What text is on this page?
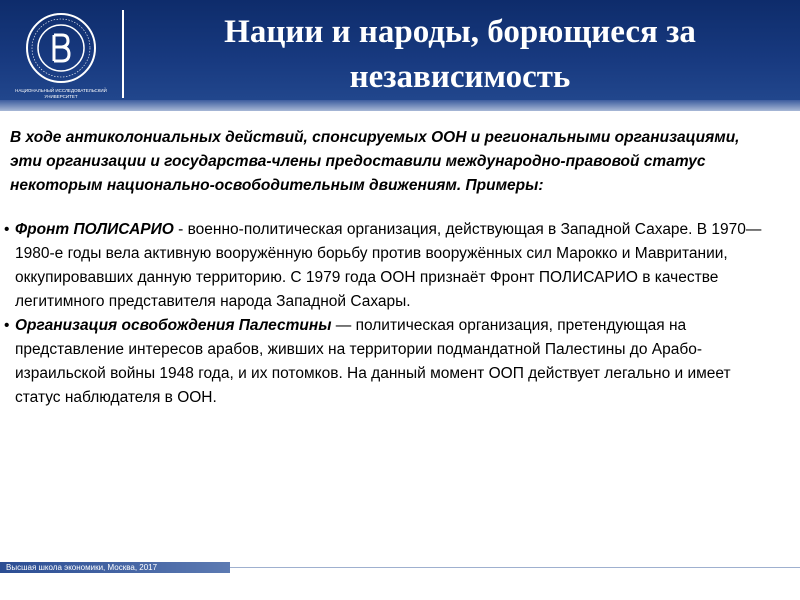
НАЦИОНАЛЬНЫЙ ИССЛЕДОВАТЕЛЬСКИЙ
УНИВЕРСИТЕТ
Нации и народы, борющиеся за
независимость

В ходе антиколониальных действий, спонсируемых ООН и региональными организациями, эти организации и государства-члены предоставили международно-правовой статус некоторым национально-освободительным движениям. Примеры:

• Фронт ПОЛИСАРИО - военно-политическая организация, действующая в Западной Сахаре. В 1970—1980-е годы вела активную вооружённую борьбу против вооружённых сил Марокко и Мавритании, оккупировавших данную территорию. С 1979 года ООН признаёт Фронт ПОЛИСАРИО в качестве легитимного представителя народа Западной Сахары.

• Организация освобождения Палестины — политическая организация, претендующая на представление интересов арабов, живших на территории подмандатной Палестины до Арабо-израильской войны 1948 года, и их потомков. На данный момент ООП действует легально и имеет статус наблюдателя в ООН.

Высшая школа экономики, Москва, 2017
